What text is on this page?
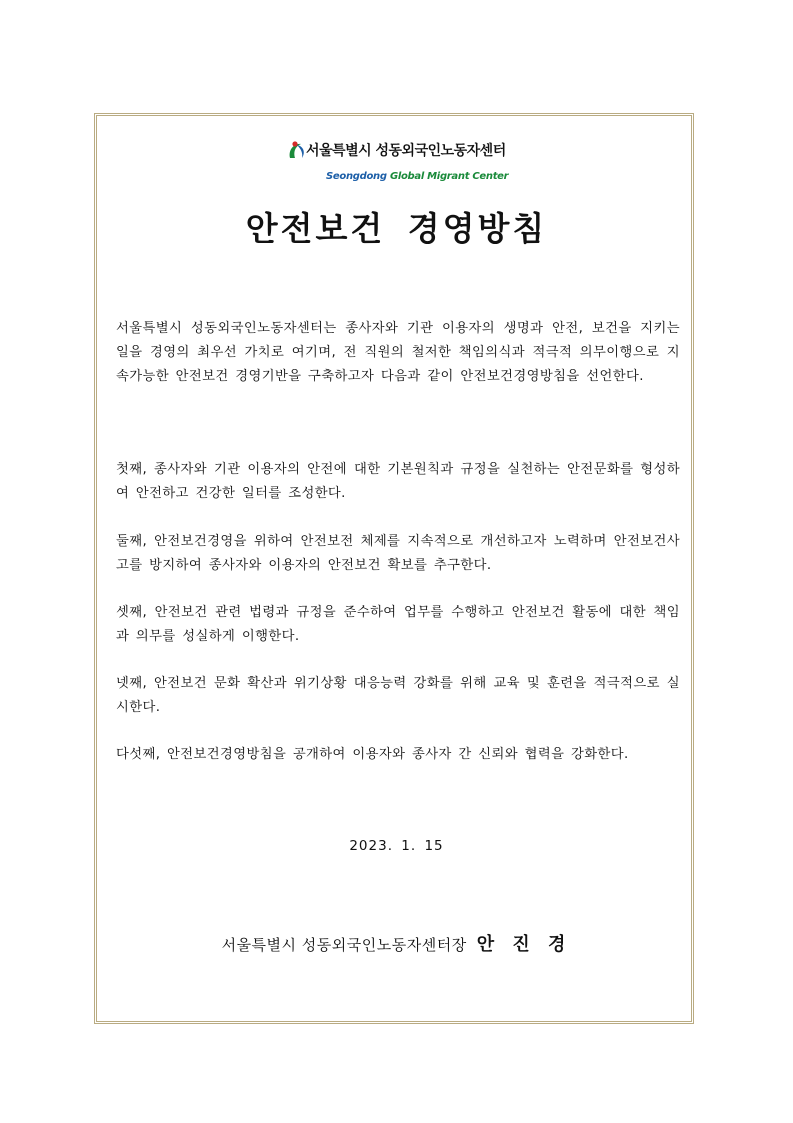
서울특별시 성동외국인노동자센터
Seongdong Global Migrant Center
안전보건 경영방침
서울특별시 성동외국인노동자센터는 종사자와 기관 이용자의 생명과 안전, 보건을 지키는 일을 경영의 최우선 가치로 여기며, 전 직원의 철저한 책임의식과 적극적 의무이행으로 지속가능한 안전보건 경영기반을 구축하고자 다음과 같이 안전보건경영방침을 선언한다.
첫째, 종사자와 기관 이용자의 안전에 대한 기본원칙과 규정을 실천하는 안전문화를 형성하여 안전하고 건강한 일터를 조성한다.
둘째, 안전보건경영을 위하여 안전보전 체제를 지속적으로 개선하고자 노력하며 안전보건사고를 방지하여 종사자와 이용자의 안전보건 확보를 추구한다.
셋째, 안전보건 관련 법령과 규정을 준수하여 업무를 수행하고 안전보건 활동에 대한 책임과 의무를 성실하게 이행한다.
넷째, 안전보건 문화 확산과 위기상황 대응능력 강화를 위해 교육 및 훈련을 적극적으로 실시한다.
다섯째, 안전보건경영방침을 공개하여 이용자와 종사자 간 신뢰와 협력을 강화한다.
2023. 1. 15
서울특별시 성동외국인노동자센터장 안 진 경
